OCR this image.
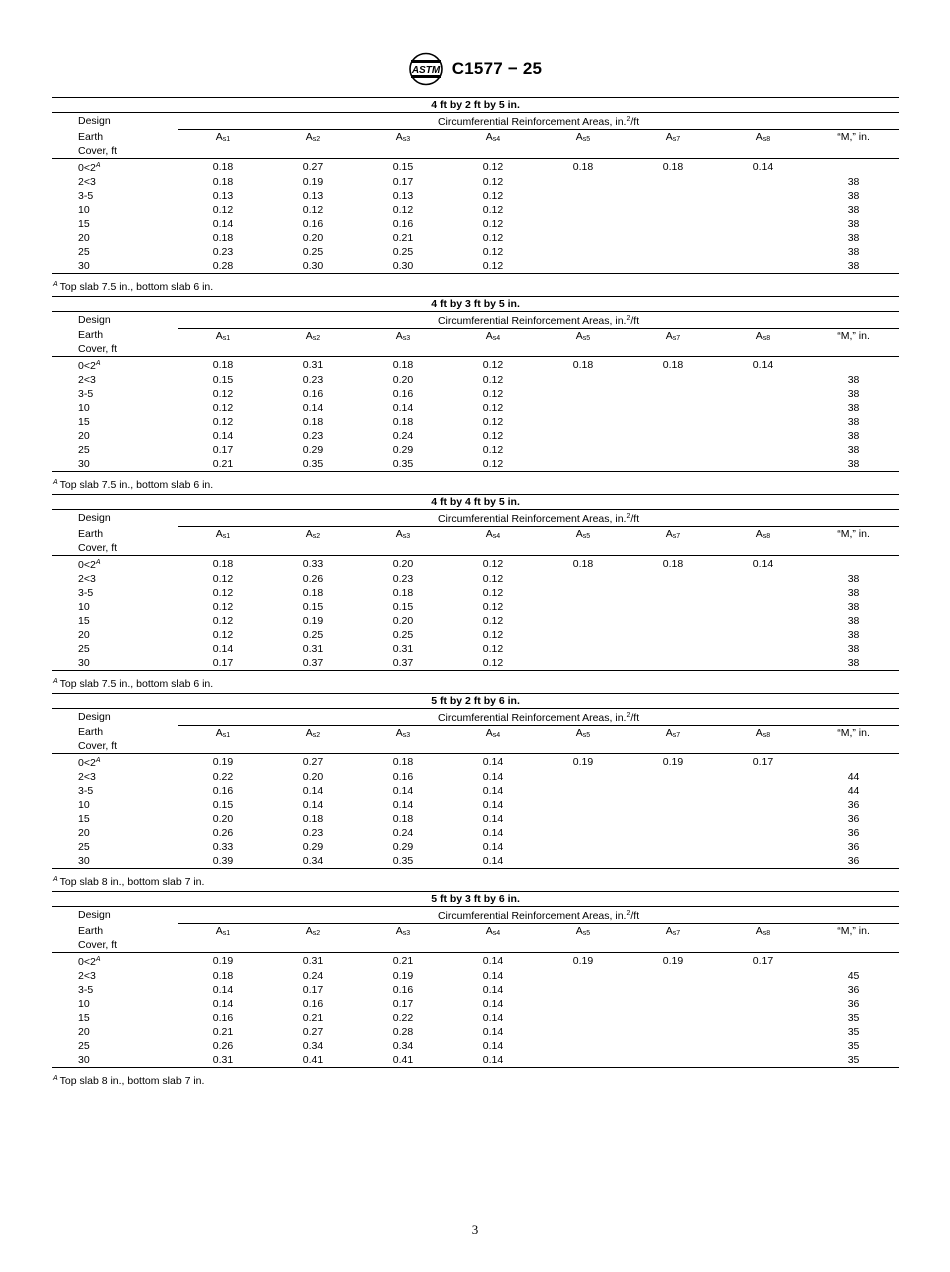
ASTM C1577 − 25
4 ft by 2 ft by 5 in.								
Design	Circumferential Reinforcement Areas, in.$^2$/ft							
Earth	$A_{s1}$	$A_{s2}$	$A_{s3}$	$A_{s4}$	$A_{s5}$	$A_{s7}$	$A_{s8}$	“M,” in.
Cover, ft								
$0<2^A$	0.18	0.27	0.15	0.12	0.18	0.18	0.14	
2<3	0.18	0.19	0.17	0.12				38
3-5	0.13	0.13	0.13	0.12				38
10	0.12	0.12	0.12	0.12				38
15	0.14	0.16	0.16	0.12				38
20	0.18	0.20	0.21	0.12				38
25	0.23	0.25	0.25	0.12				38
30	0.28	0.30	0.30	0.12				38
$^A$ Top slab 7.5 in., bottom slab 6 in.
4 ft by 3 ft by 5 in.								
Design	Circumferential Reinforcement Areas, in.$^2$/ft							
Earth	$A_{s1}$	$A_{s2}$	$A_{s3}$	$A_{s4}$	$A_{s5}$	$A_{s7}$	$A_{s8}$	“M,” in.
Cover, ft								
$0<2^A$	0.18	0.31	0.18	0.12	0.18	0.18	0.14	
2<3	0.15	0.23	0.20	0.12				38
3-5	0.12	0.16	0.16	0.12				38
10	0.12	0.14	0.14	0.12				38
15	0.12	0.18	0.18	0.12				38
20	0.14	0.23	0.24	0.12				38
25	0.17	0.29	0.29	0.12				38
30	0.21	0.35	0.35	0.12				38
$^A$ Top slab 7.5 in., bottom slab 6 in.
4 ft by 4 ft by 5 in.								
Design	Circumferential Reinforcement Areas, in.$^2$/ft							
Earth	$A_{s1}$	$A_{s2}$	$A_{s3}$	$A_{s4}$	$A_{s5}$	$A_{s7}$	$A_{s8}$	“M,” in.
Cover, ft								
$0<2^A$	0.18	0.33	0.20	0.12	0.18	0.18	0.14	
2<3	0.12	0.26	0.23	0.12				38
3-5	0.12	0.18	0.18	0.12				38
10	0.12	0.15	0.15	0.12				38
15	0.12	0.19	0.20	0.12				38
20	0.12	0.25	0.25	0.12				38
25	0.14	0.31	0.31	0.12				38
30	0.17	0.37	0.37	0.12				38
$^A$ Top slab 7.5 in., bottom slab 6 in.
5 ft by 2 ft by 6 in.								
Design	Circumferential Reinforcement Areas, in.$^2$/ft							
Earth	$A_{s1}$	$A_{s2}$	$A_{s3}$	$A_{s4}$	$A_{s5}$	$A_{s7}$	$A_{s8}$	“M,” in.
Cover, ft								
$0<2^A$	0.19	0.27	0.18	0.14	0.19	0.19	0.17	
2<3	0.22	0.20	0.16	0.14				44
3-5	0.16	0.14	0.14	0.14				44
10	0.15	0.14	0.14	0.14				36
15	0.20	0.18	0.18	0.14				36
20	0.26	0.23	0.24	0.14				36
25	0.33	0.29	0.29	0.14				36
30	0.39	0.34	0.35	0.14				36
$^A$ Top slab 8 in., bottom slab 7 in.
5 ft by 3 ft by 6 in.								
Design	Circumferential Reinforcement Areas, in.$^2$/ft							
Earth	$A_{s1}$	$A_{s2}$	$A_{s3}$	$A_{s4}$	$A_{s5}$	$A_{s7}$	$A_{s8}$	“M,” in.
Cover, ft								
$0<2^A$	0.19	0.31	0.21	0.14	0.19	0.19	0.17	
2<3	0.18	0.24	0.19	0.14				45
3-5	0.14	0.17	0.16	0.14				36
10	0.14	0.16	0.17	0.14				36
15	0.16	0.21	0.22	0.14				35
20	0.21	0.27	0.28	0.14				35
25	0.26	0.34	0.34	0.14				35
30	0.31	0.41	0.41	0.14				35
$^A$ Top slab 8 in., bottom slab 7 in.
3
